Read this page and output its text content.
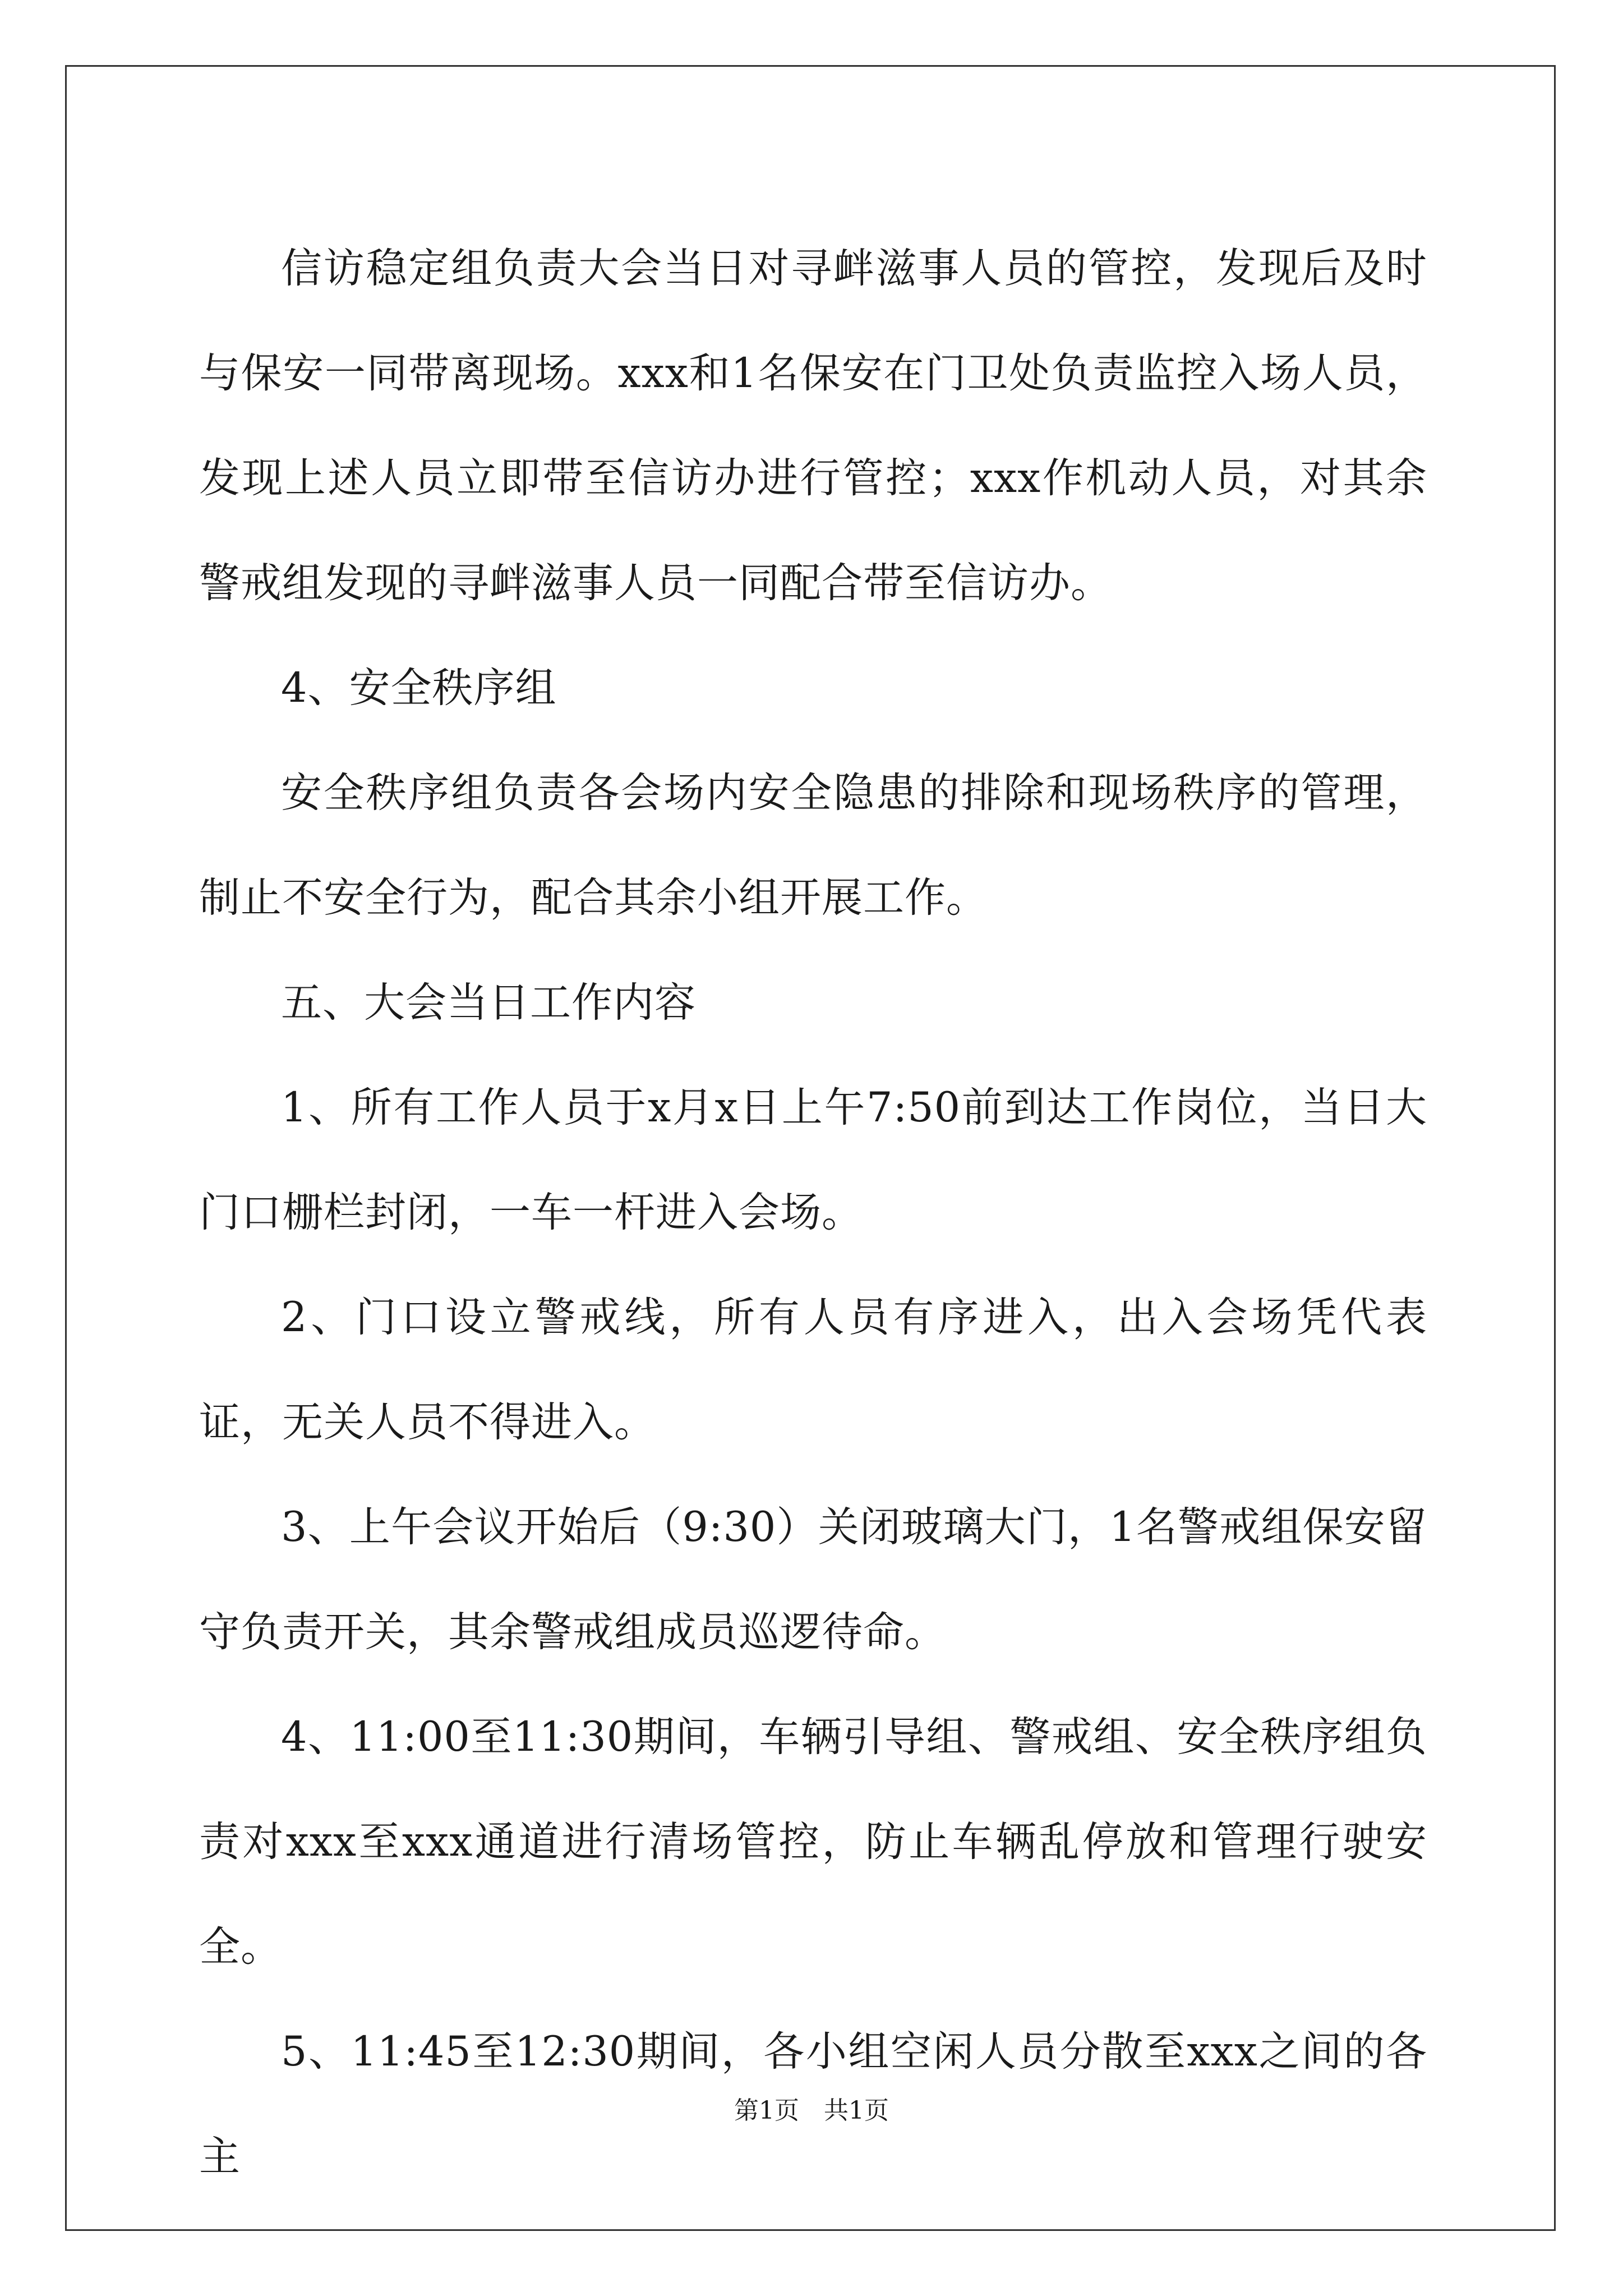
信访稳定组负责大会当日对寻衅滋事人员的管控，发现后及时与保安一同带离现场。xxx和1名保安在门卫处负责监控入场人员，发现上述人员立即带至信访办进行管控；xxx作机动人员，对其余警戒组发现的寻衅滋事人员一同配合带至信访办。

4、安全秩序组

安全秩序组负责各会场内安全隐患的排除和现场秩序的管理，制止不安全行为，配合其余小组开展工作。

五、大会当日工作内容

1、所有工作人员于x月x日上午7:50前到达工作岗位，当日大门口栅栏封闭，一车一杆进入会场。

2、门口设立警戒线，所有人员有序进入，出入会场凭代表证，无关人员不得进入。

3、上午会议开始后（9:30）关闭玻璃大门，1名警戒组保安留守负责开关，其余警戒组成员巡逻待命。

4、11:00至11:30期间，车辆引导组、警戒组、安全秩序组负责对xxx至xxx通道进行清场管控，防止车辆乱停放和管理行驶安全。

5、11:45至12:30期间，各小组空闲人员分散至xxx之间的各主

第1页 共1页
